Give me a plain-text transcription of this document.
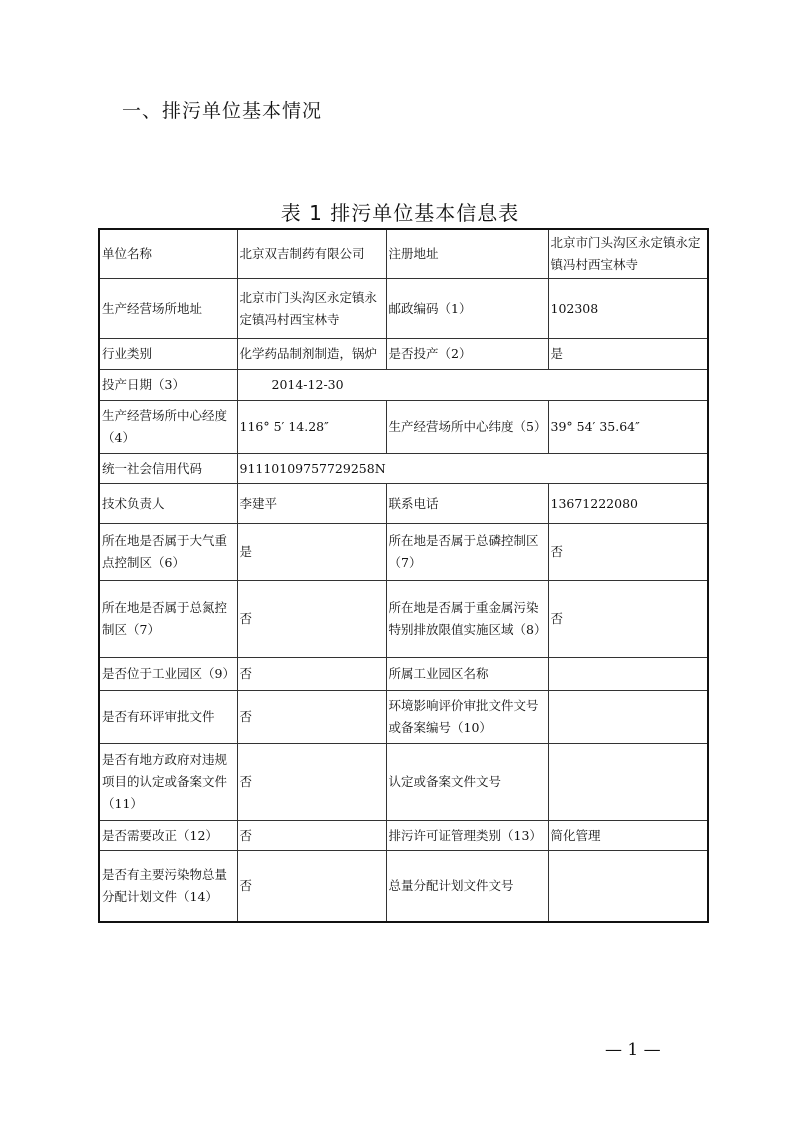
一、排污单位基本情况
表 1 排污单位基本信息表
单位名称	北京双吉制药有限公司	注册地址	北京市门头沟区永定镇永定镇冯村西宝林寺
生产经营场所地址	北京市门头沟区永定镇永定镇冯村西宝林寺	邮政编码（1）	102308
行业类别	化学药品制剂制造，锅炉	是否投产（2）	是
投产日期（3）	2014-12-30		
生产经营场所中心经度（4）	116° 5′ 14.28″	生产经营场所中心纬度（5）	39° 54′ 35.64″
统一社会信用代码	91110109757729258N		
技术负责人	李建平	联系电话	13671222080
所在地是否属于大气重点控制区（6）	是	所在地是否属于总磷控制区（7）	否
所在地是否属于总氮控制区（7）	否	所在地是否属于重金属污染特别排放限值实施区域（8）	否
是否位于工业园区（9）	否	所属工业园区名称	
是否有环评审批文件	否	环境影响评价审批文件文号或备案编号（10）	
是否有地方政府对违规项目的认定或备案文件（11）	否	认定或备案文件文号	
是否需要改正（12）	否	排污许可证管理类别（13）	简化管理
是否有主要污染物总量分配计划文件（14）	否	总量分配计划文件文号	
— 1 —
